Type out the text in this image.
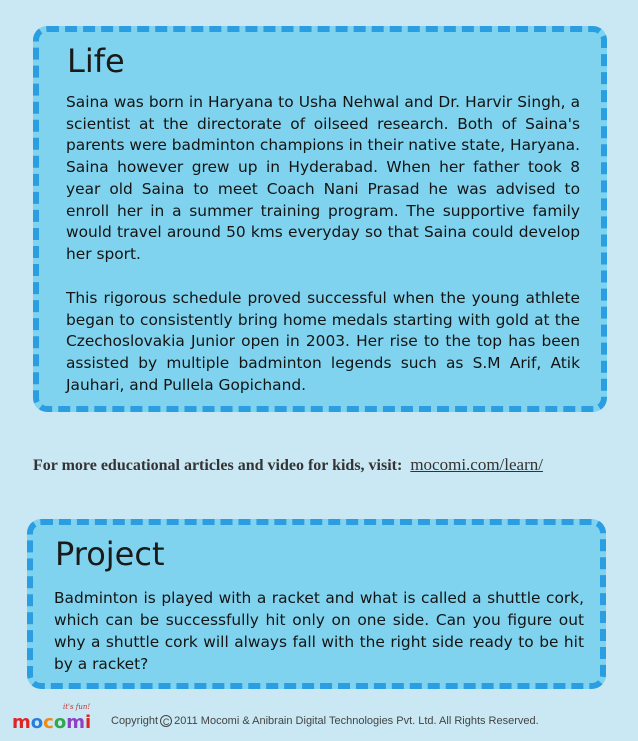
Life

Saina was born in Haryana to Usha Nehwal and Dr. Harvir Singh, a scientist at the directorate of oilseed research. Both of Saina's parents were badminton champions in their native state, Haryana. Saina however grew up in Hyderabad. When her father took 8 year old Saina to meet Coach Nani Prasad he was advised to enroll her in a summer training program. The supportive family would travel around 50 kms everyday so that Saina could develop her sport.

This rigorous schedule proved successful when the young athlete began to consistently bring home medals starting with gold at the Czechoslovakia Junior open in 2003. Her rise to the top has been assisted by multiple badminton legends such as S.M Arif, Atik Jauhari, and Pullela Gopichand.

For more educational articles and video for kids, visit: mocomi.com/learn/
Project

Badminton is played with a racket and what is called a shuttle cork, which can be successfully hit only on one side. Can you figure out why a shuttle cork will always fall with the right side ready to be hit by a racket?

mocomi
it's fun!
Copyright C 2011 Mocomi & Anibrain Digital Technologies Pvt. Ltd. All Rights Reserved.
